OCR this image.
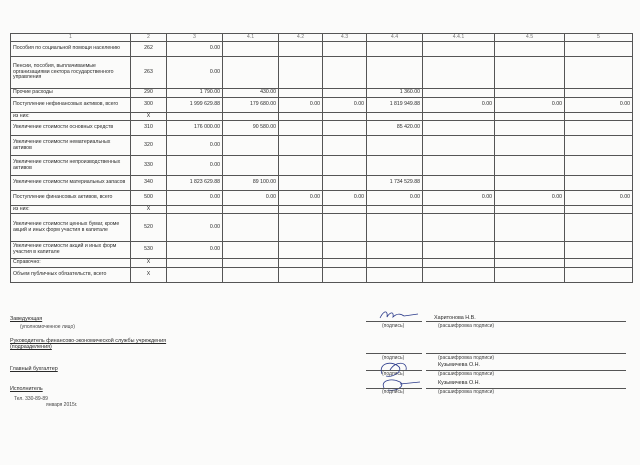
1	2	3	4.1	4.2	4.3	4.4	4.4.1	4.5	5
Пособия по социальной помощи населению	262	0.00							
Пенсии, пособия, выплачиваемые организациями сектора государственного управления	263	0.00							
Прочие расходы	290	1 790.00	430.00			1 360.00			
Поступление нефинансовых активов, всего	300	1 999 629.88	179 680.00	0.00	0.00	1 819 949.88	0.00	0.00	0.00
из них:	X								
Увеличение стоимости основных средств	310	176 000.00	90 580.00			85 420.00			
Увеличение стоимости нематериальных активов	320	0.00							
Увеличение стоимости непроизводственных активов	330	0.00							
Увеличение стоимости материальных запасов	340	1 823 629.88	89 100.00			1 734 529.88			
Поступление финансовых активов, всего	500	0.00	0.00	0.00	0.00	0.00	0.00	0.00	0.00
из них:	X								
Увеличение стоимости ценных бумаг, кроме акций и иных форм участия в капитале	520	0.00							
Увеличение стоимости акций и иных форм участия в капитале	530	0.00							
Справочно:	X								
Объем публичных обязательств, всего	X								
Заведующая
(уполномоченное лицо)	(подпись)
Харитонова Н.В.
(расшифровка подписи)
Руководитель финансово-экономической службы учреждения (подразделения)
(подпись)	(расшифровка подписи)
Главный бухгалтер
Кузьмичева О.Н.
(подпись)	(расшифровка подписи)
Исполнитель
Кузьмичева О.Н.
(подпись)	(расшифровка подписи)
Тел. 330-89-89
января 2015г.
